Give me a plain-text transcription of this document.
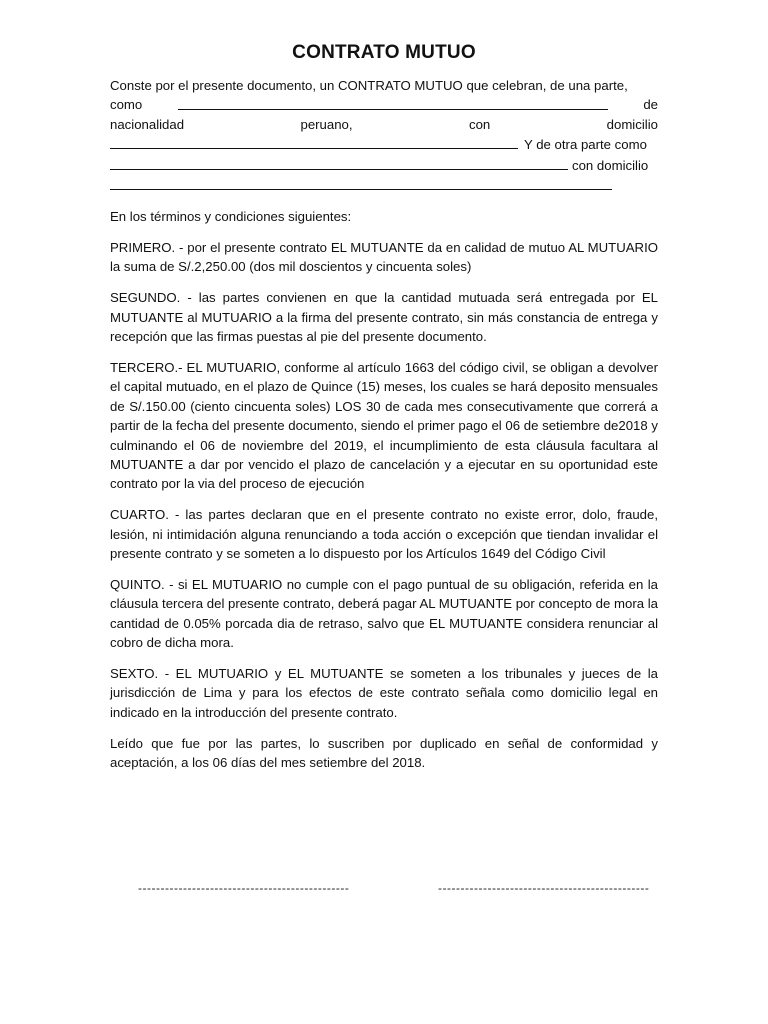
CONTRATO MUTUO

Conste por el presente documento, un CONTRATO MUTUO que celebran, de una parte,
como	de
nacionalidad	peruano,	con	domicilio
Y de otra parte como
con domicilio

En los términos y condiciones siguientes:

PRIMERO. - por el presente contrato EL MUTUANTE da en calidad de mutuo AL MUTUARIO la suma de S/.2,250.00 (dos mil doscientos y cincuenta soles)

SEGUNDO. - las partes convienen en que la cantidad mutuada será entregada por EL MUTUANTE al MUTUARIO a la firma del presente contrato, sin más constancia de entrega y recepción que las firmas puestas al pie del presente documento.

TERCERO.- EL MUTUARIO, conforme al artículo 1663 del código civil, se obligan a devolver el capital mutuado, en el plazo de Quince (15) meses, los cuales se hará deposito mensuales de S/.150.00 (ciento cincuenta soles) LOS 30 de cada mes consecutivamente que correrá a partir de la fecha del presente documento, siendo el primer pago el 06 de setiembre de2018 y culminando el 06 de noviembre del 2019, el incumplimiento de esta cláusula facultara al MUTUANTE a dar por vencido el plazo de cancelación y a ejecutar en su oportunidad este contrato por la via del proceso de ejecución

CUARTO. - las partes declaran que en el presente contrato no existe error, dolo, fraude, lesión, ni intimidación alguna renunciando a toda acción o excepción que tiendan invalidar el presente contrato y se someten a lo dispuesto por los Artículos 1649 del Código Civil

QUINTO. - si EL MUTUARIO no cumple con el pago puntual de su obligación, referida en la cláusula tercera del presente contrato, deberá pagar AL MUTUANTE por concepto de mora la cantidad de 0.05% porcada dia de retraso, salvo que EL MUTUANTE considera renunciar al cobro de dicha mora.

SEXTO. - EL MUTUARIO y EL MUTUANTE se someten a los tribunales y jueces de la jurisdicción de Lima y para los efectos de este contrato señala como domicilio legal en indicado en la introducción del presente contrato.

Leído que fue por las partes, lo suscriben por duplicado en señal de conformidad y aceptación, a los 06 días del mes setiembre del 2018.

-----------------------------------------------	-----------------------------------------------
